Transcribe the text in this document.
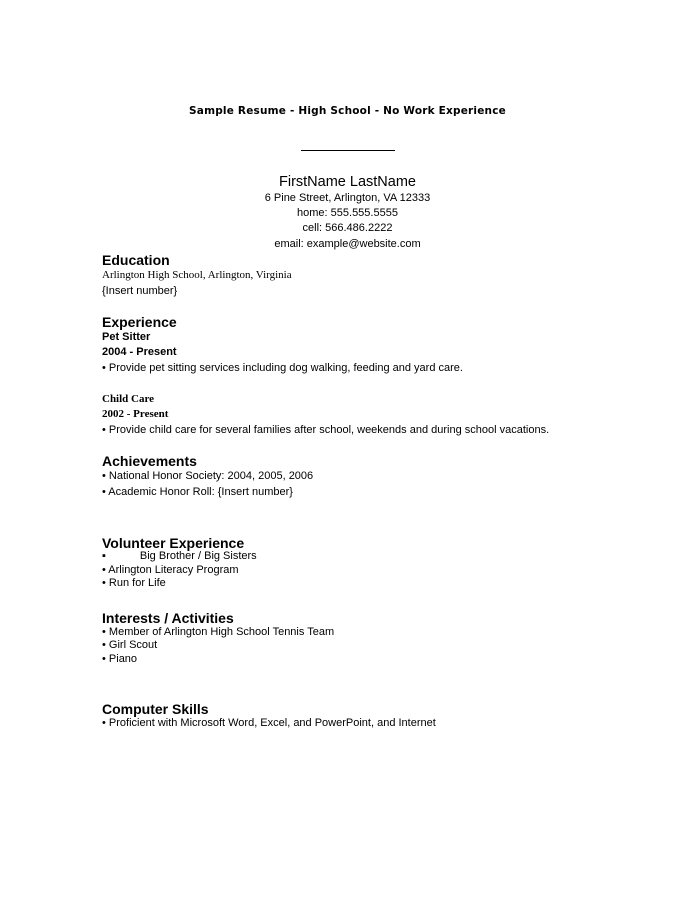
Sample Resume - High School - No Work Experience
FirstName LastName
6 Pine Street, Arlington, VA 12333
home: 555.555.5555
cell: 566.486.2222
email: example@website.com
Education
Arlington High School, Arlington, Virginia
{Insert number}
Experience
Pet Sitter
2004 - Present
• Provide pet sitting services including dog walking, feeding and yard care.
Child Care
2002 - Present
• Provide child care for several families after school, weekends and during school vacations.
Achievements
• National Honor Society: 2004, 2005, 2006
• Academic Honor Roll: {Insert number}
Volunteer Experience
▪	Big Brother / Big Sisters
• Arlington Literacy Program
• Run for Life
Interests / Activities
• Member of Arlington High School Tennis Team
• Girl Scout
• Piano
Computer Skills
• Proficient with Microsoft Word, Excel, and PowerPoint, and Internet
